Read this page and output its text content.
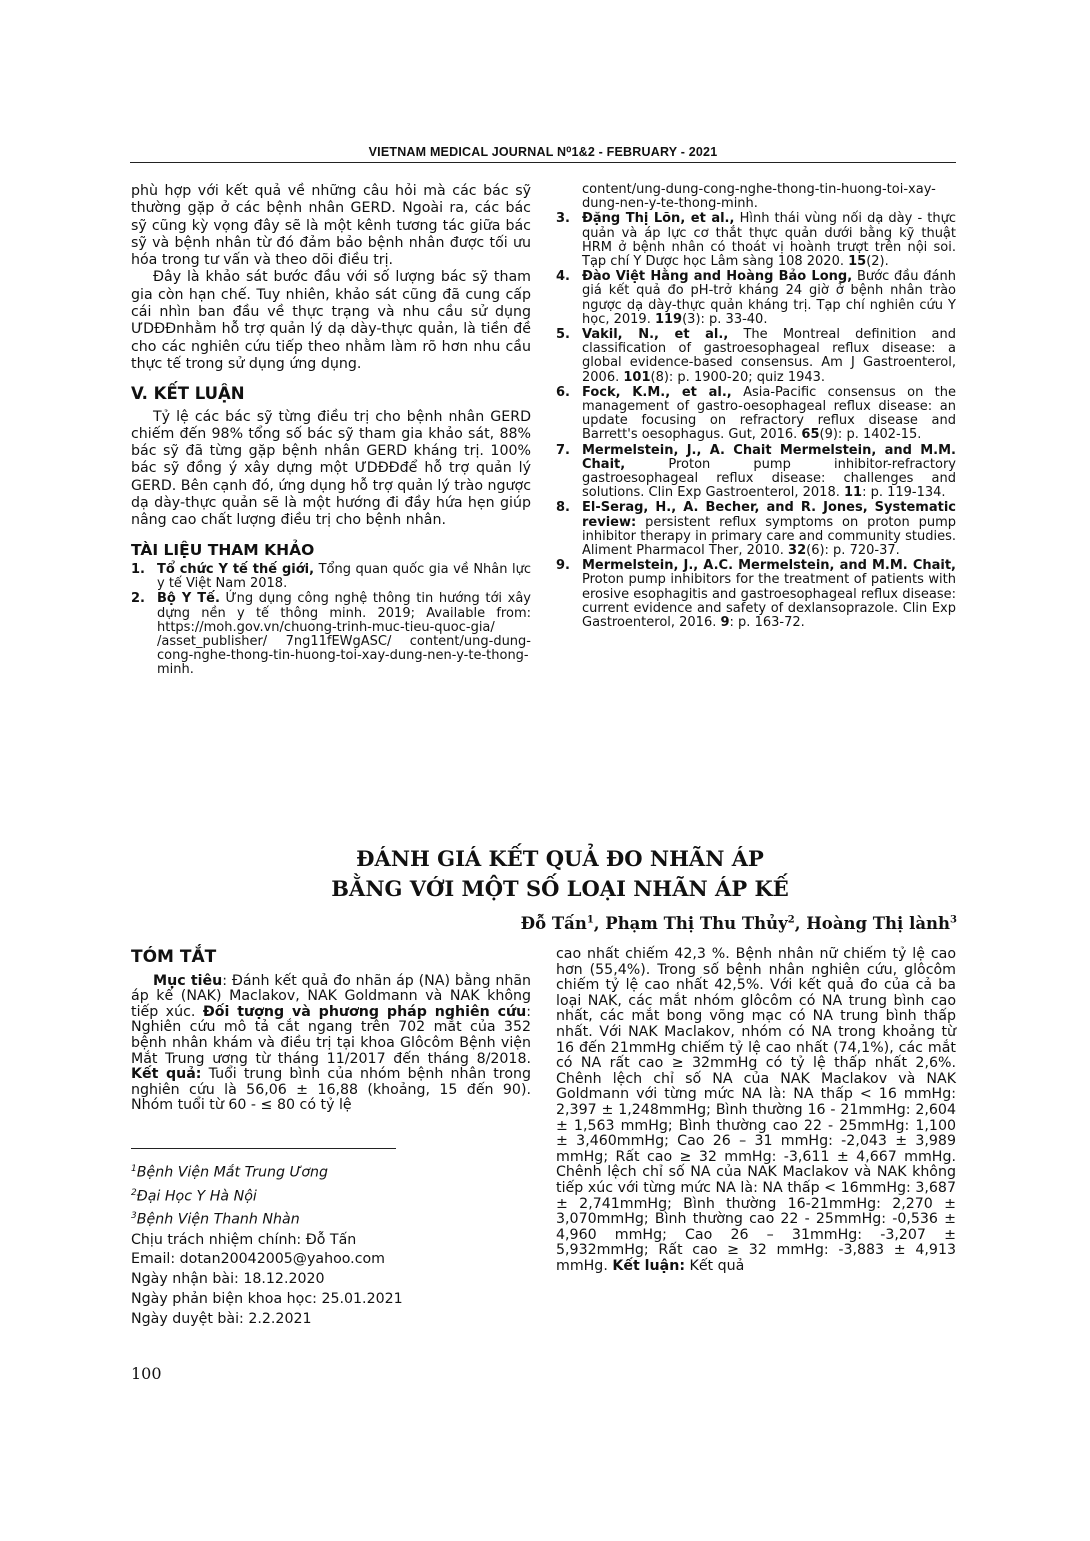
VIETNAM MEDICAL JOURNAL N⁰1&2 - FEBRUARY - 2021

phù hợp với kết quả về những câu hỏi mà các bác sỹ thường gặp ở các bệnh nhân GERD. Ngoài ra, các bác sỹ cũng kỳ vọng đây sẽ là một kênh tương tác giữa bác sỹ và bệnh nhân từ đó đảm bảo bệnh nhân được tối ưu hóa trong tư vấn và theo dõi điều trị.

Đây là khảo sát bước đầu với số lượng bác sỹ tham gia còn hạn chế. Tuy nhiên, khảo sát cũng đã cung cấp cái nhìn ban đầu về thực trạng và nhu cầu sử dụng ƯDĐĐnhằm hỗ trợ quản lý dạ dày-thực quản, là tiền đề cho các nghiên cứu tiếp theo nhằm làm rõ hơn nhu cầu thực tế trong sử dụng ứng dụng.

V. KẾT LUẬN

Tỷ lệ các bác sỹ từng điều trị cho bệnh nhân GERD chiếm đến 98% tổng số bác sỹ tham gia khảo sát, 88% bác sỹ đã từng gặp bệnh nhân GERD kháng trị. 100% bác sỹ đồng ý xây dựng một ƯDĐĐđể hỗ trợ quản lý GERD. Bên cạnh đó, ứng dụng hỗ trợ quản lý trào ngược dạ dày-thực quản sẽ là một hướng đi đầy hứa hẹn giúp nâng cao chất lượng điều trị cho bệnh nhân.

TÀI LIỆU THAM KHẢO
1. Tổ chức Y tế thế giới, Tổng quan quốc gia về Nhân lực y tế Việt Nam 2018.
2. Bộ Y Tế. Ứng dụng công nghệ thông tin hướng tới xây dựng nền y tế thông minh. 2019; Available from: https://moh.gov.vn/chuong-trinh-muc-tieu-quoc-gia/ /asset_publisher/ 7ng11fEWgASC/ content/ung-dung-cong-nghe-thong-tin-huong-toi-xay-dung-nen-y-te-thong-minh.
content/ung-dung-cong-nghe-thong-tin-huong-toi-xay-dung-nen-y-te-thong-minh.
3. Đặng Thị Lõn, et al., Hình thái vùng nối dạ dày - thực quản và áp lực cơ thắt thực quản dưới bằng kỹ thuật HRM ở bệnh nhân có thoát vị hoành trượt trên nội soi. Tạp chí Y Dược học Lâm sàng 108 2020. 15(2).
4. Đào Việt Hằng and Hoàng Bảo Long, Bước đầu đánh giá kết quả đo pH-trở kháng 24 giờ ở bệnh nhân trào ngược dạ dày-thực quản kháng trị. Tạp chí nghiên cứu Y học, 2019. 119(3): p. 33-40.
5. Vakil, N., et al., The Montreal definition and classification of gastroesophageal reflux disease: a global evidence-based consensus. Am J Gastroenterol, 2006. 101(8): p. 1900-20; quiz 1943.
6. Fock, K.M., et al., Asia-Pacific consensus on the management of gastro-oesophageal reflux disease: an update focusing on refractory reflux disease and Barrett's oesophagus. Gut, 2016. 65(9): p. 1402-15.
7. Mermelstein, J., A. Chait Mermelstein, and M.M. Chait, Proton pump inhibitor-refractory gastroesophageal reflux disease: challenges and solutions. Clin Exp Gastroenterol, 2018. 11: p. 119-134.
8. El-Serag, H., A. Becher, and R. Jones, Systematic review: persistent reflux symptoms on proton pump inhibitor therapy in primary care and community studies. Aliment Pharmacol Ther, 2010. 32(6): p. 720-37.
9. Mermelstein, J., A.C. Mermelstein, and M.M. Chait, Proton pump inhibitors for the treatment of patients with erosive esophagitis and gastroesophageal reflux disease: current evidence and safety of dexlansoprazole. Clin Exp Gastroenterol, 2016. 9: p. 163-72.
ĐÁNH GIÁ KẾT QUẢ ĐO NHÃN ÁP
BẰNG VỚI MỘT SỐ LOẠI NHÃN ÁP KẾ
Đỗ Tấn$^1$, Phạm Thị Thu Thủy$^2$, Hoàng Thị lành$^3$
TÓM TẮT

Mục tiêu: Đánh kết quả đo nhãn áp (NA) bằng nhãn áp kế (NAK) Maclakov, NAK Goldmann và NAK không tiếp xúc. Đối tượng và phương pháp nghiên cứu: Nghiên cứu mô tả cắt ngang trên 702 mắt của 352 bệnh nhân khám và điều trị tại khoa Glôcôm Bệnh viện Mắt Trung ương từ tháng 11/2017 đến tháng 8/2018. Kết quả: Tuổi trung bình của nhóm bệnh nhân trong nghiên cứu là 56,06 ± 16,88 (khoảng, 15 đến 90). Nhóm tuổi từ 60 - ≤ 80 có tỷ lệ

cao nhất chiếm 42,3 %. Bệnh nhân nữ chiếm tỷ lệ cao hơn (55,4%). Trong số bệnh nhân nghiên cứu, glôcôm chiếm tỷ lệ cao nhất 42,5%. Với kết quả đo của cả ba loại NAK, các mắt nhóm glôcôm có NA trung bình cao nhất, các mắt bong võng mạc có NA trung bình thấp nhất. Với NAK Maclakov, nhóm có NA trong khoảng từ 16 đến 21mmHg chiếm tỷ lệ cao nhất (74,1%), các mắt có NA rất cao ≥ 32mmHg có tỷ lệ thấp nhất 2,6%. Chênh lệch chỉ số NA của NAK Maclakov và NAK Goldmann với từng mức NA là: NA thấp < 16 mmHg: 2,397 ± 1,248mmHg; Bình thường 16 - 21mmHg: 2,604 ± 1,563 mmHg; Bình thường cao 22 - 25mmHg: 1,100 ± 3,460mmHg; Cao 26 – 31 mmHg: -2,043 ± 3,989 mmHg; Rất cao ≥ 32 mmHg: -3,611 ± 4,667 mmHg. Chênh lệch chỉ số NA của NAK Maclakov và NAK không tiếp xúc với từng mức NA là: NA thấp < 16mmHg: 3,687 ± 2,741mmHg; Bình thường 16-21mmHg: 2,270 ± 3,070mmHg; Bình thường cao 22 - 25mmHg: -0,536 ± 4,960 mmHg; Cao 26 – 31mmHg: -3,207 ± 5,932mmHg; Rất cao ≥ 32 mmHg: -3,883 ± 4,913 mmHg. Kết luận: Kết quả

$^1$Bệnh Viện Mắt Trung Ương
$^2$Đại Học Y Hà Nội
$^3$Bệnh Viện Thanh Nhàn
Chịu trách nhiệm chính: Đỗ Tấn
Email: dotan20042005@yahoo.com
Ngày nhận bài: 18.12.2020
Ngày phản biện khoa học: 25.01.2021
Ngày duyệt bài: 2.2.2021
100
